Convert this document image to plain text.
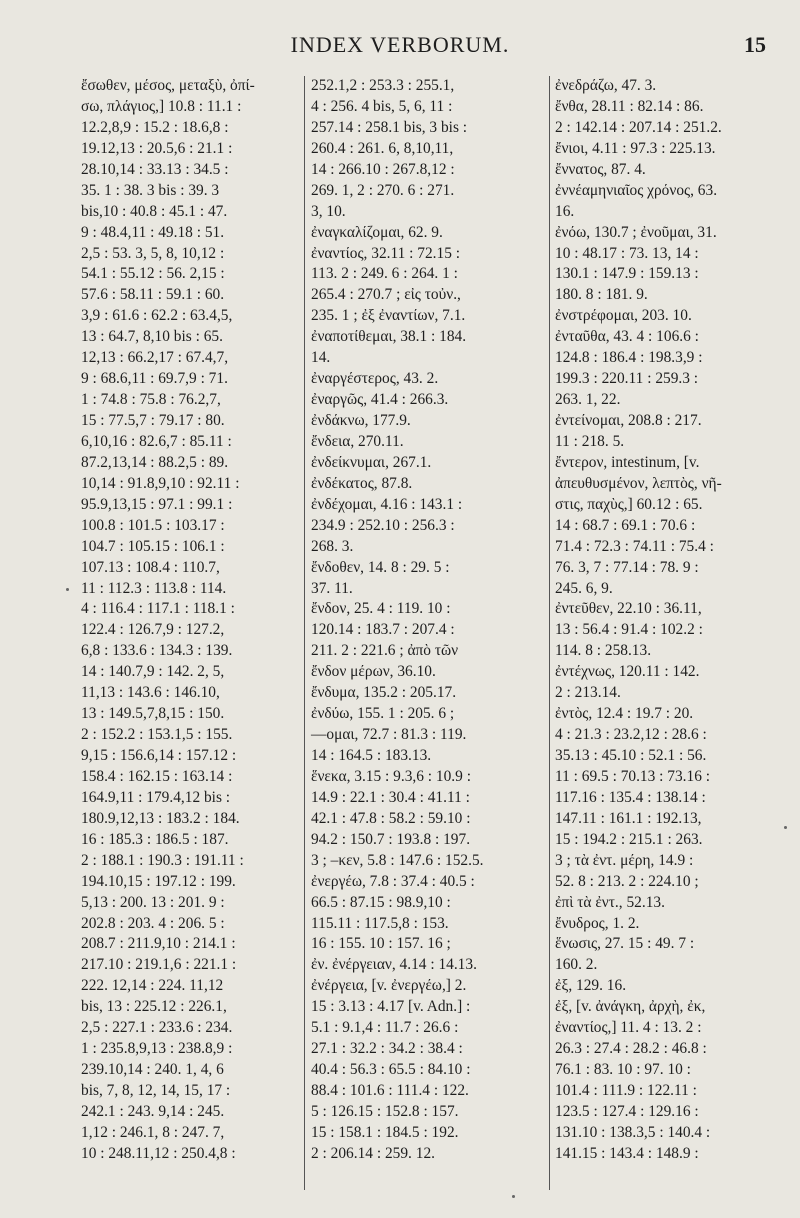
INDEX VERBORUM.	15
ἔσωθεν, μέσος, μεταξὺ, ὀπί-
σω, πλάγιος,] 10.8 : 11.1 :
12.2,8,9 : 15.2 : 18.6,8 :
19.12,13 : 20.5,6 : 21.1 :
28.10,14 : 33.13 : 34.5 :
35. 1 : 38. 3 bis : 39. 3
bis,10 : 40.8 : 45.1 : 47.
9 : 48.4,11 : 49.18 : 51.
2,5 : 53. 3, 5, 8, 10,12 :
54.1 : 55.12 : 56. 2,15 :
57.6 : 58.11 : 59.1 : 60.
3,9 : 61.6 : 62.2 : 63.4,5,
13 : 64.7, 8,10 bis : 65.
12,13 : 66.2,17 : 67.4,7,
9 : 68.6,11 : 69.7,9 : 71.
1 : 74.8 : 75.8 : 76.2,7,
15 : 77.5,7 : 79.17 : 80.
6,10,16 : 82.6,7 : 85.11 :
87.2,13,14 : 88.2,5 : 89.
10,14 : 91.8,9,10 : 92.11 :
95.9,13,15 : 97.1 : 99.1 :
100.8 : 101.5 : 103.17 :
104.7 : 105.15 : 106.1 :
107.13 : 108.4 : 110.7,
11 : 112.3 : 113.8 : 114.
4 : 116.4 : 117.1 : 118.1 :
122.4 : 126.7,9 : 127.2,
6,8 : 133.6 : 134.3 : 139.
14 : 140.7,9 : 142. 2, 5,
11,13 : 143.6 : 146.10,
13 : 149.5,7,8,15 : 150.
2 : 152.2 : 153.1,5 : 155.
9,15 : 156.6,14 : 157.12 :
158.4 : 162.15 : 163.14 :
164.9,11 : 179.4,12 bis :
180.9,12,13 : 183.2 : 184.
16 : 185.3 : 186.5 : 187.
2 : 188.1 : 190.3 : 191.11 :
194.10,15 : 197.12 : 199.
5,13 : 200. 13 : 201. 9 :
202.8 : 203. 4 : 206. 5 :
208.7 : 211.9,10 : 214.1 :
217.10 : 219.1,6 : 221.1 :
222. 12,14 : 224. 11,12
bis, 13 : 225.12 : 226.1,
2,5 : 227.1 : 233.6 : 234.
1 : 235.8,9,13 : 238.8,9 :
239.10,14 : 240. 1, 4, 6
bis, 7, 8, 12, 14, 15, 17 :
242.1 : 243. 9,14 : 245.
1,12 : 246.1, 8 : 247. 7,
10 : 248.11,12 : 250.4,8 :
252.1,2 : 253.3 : 255.1,
4 : 256. 4 bis, 5, 6, 11 :
257.14 : 258.1 bis, 3 bis :
260.4 : 261. 6, 8,10,11,
14 : 266.10 : 267.8,12 :
269. 1, 2 : 270. 6 : 271.
3, 10.
ἐναγκαλίζομαι, 62. 9.
ἐναντίος, 32.11 : 72.15 :
113. 2 : 249. 6 : 264. 1 :
265.4 : 270.7 ; εἰς τοὐν.,
235. 1 ; ἐξ ἐναντίων, 7.1.
ἐναποτίθεμαι, 38.1 : 184.
14.
ἐναργέστερος, 43. 2.
ἐναργῶς, 41.4 : 266.3.
ἐνδάκνω, 177.9.
ἔνδεια, 270.11.
ἐνδείκνυμαι, 267.1.
ἐνδέκατος, 87.8.
ἐνδέχομαι, 4.16 : 143.1 :
234.9 : 252.10 : 256.3 :
268. 3.
ἔνδοθεν, 14. 8 : 29. 5 :
37. 11.
ἔνδον, 25. 4 : 119. 10 :
120.14 : 183.7 : 207.4 :
211. 2 : 221.6 ; ἀπὸ τῶν
ἔνδον μέρων, 36.10.
ἔνδυμα, 135.2 : 205.17.
ἐνδύω, 155. 1 : 205. 6 ;
—ομαι, 72.7 : 81.3 : 119.
14 : 164.5 : 183.13.
ἕνεκα, 3.15 : 9.3,6 : 10.9 :
14.9 : 22.1 : 30.4 : 41.11 :
42.1 : 47.8 : 58.2 : 59.10 :
94.2 : 150.7 : 193.8 : 197.
3 ; –κεν, 5.8 : 147.6 : 152.5.
ἐνεργέω, 7.8 : 37.4 : 40.5 :
66.5 : 87.15 : 98.9,10 :
115.11 : 117.5,8 : 153.
16 : 155. 10 : 157. 16 ;
ἐν. ἐνέργειαν, 4.14 : 14.13.
ἐνέργεια, [v. ἐνεργέω,] 2.
15 : 3.13 : 4.17 [v. Adn.] :
5.1 : 9.1,4 : 11.7 : 26.6 :
27.1 : 32.2 : 34.2 : 38.4 :
40.4 : 56.3 : 65.5 : 84.10 :
88.4 : 101.6 : 111.4 : 122.
5 : 126.15 : 152.8 : 157.
15 : 158.1 : 184.5 : 192.
2 : 206.14 : 259. 12.
ἐνεδράζω, 47. 3.
ἔνθα, 28.11 : 82.14 : 86.
2 : 142.14 : 207.14 : 251.2.
ἔνιοι, 4.11 : 97.3 : 225.13.
ἔννατος, 87. 4.
ἐννέαμηνιαῖος χρόνος, 63.
16.
ἐνόω, 130.7 ; ἐνοῦμαι, 31.
10 : 48.17 : 73. 13, 14 :
130.1 : 147.9 : 159.13 :
180. 8 : 181. 9.
ἐνστρέφομαι, 203. 10.
ἐνταῦθα, 43. 4 : 106.6 :
124.8 : 186.4 : 198.3,9 :
199.3 : 220.11 : 259.3 :
263. 1, 22.
ἐντείνομαι, 208.8 : 217.
11 : 218. 5.
ἔντερον, intestinum, [v.
ἀπευθυσμένον, λεπτὸς, νῆ-
στις, παχὺς,] 60.12 : 65.
14 : 68.7 : 69.1 : 70.6 :
71.4 : 72.3 : 74.11 : 75.4 :
76. 3, 7 : 77.14 : 78. 9 :
245. 6, 9.
ἐντεῦθεν, 22.10 : 36.11,
13 : 56.4 : 91.4 : 102.2 :
114. 8 : 258.13.
ἐντέχνως, 120.11 : 142.
2 : 213.14.
ἐντὸς, 12.4 : 19.7 : 20.
4 : 21.3 : 23.2,12 : 28.6 :
35.13 : 45.10 : 52.1 : 56.
11 : 69.5 : 70.13 : 73.16 :
117.16 : 135.4 : 138.14 :
147.11 : 161.1 : 192.13,
15 : 194.2 : 215.1 : 263.
3 ; τὰ ἐντ. μέρη, 14.9 :
52. 8 : 213. 2 : 224.10 ;
ἐπὶ τὰ ἐντ., 52.13.
ἔνυδρος, 1. 2.
ἕνωσις, 27. 15 : 49. 7 :
160. 2.
ἐξ, 129. 16.
ἐξ, [v. ἀνάγκη, ἀρχὴ, ἐκ,
ἐναντίος,] 11. 4 : 13. 2 :
26.3 : 27.4 : 28.2 : 46.8 :
76.1 : 83. 10 : 97. 10 :
101.4 : 111.9 : 122.11 :
123.5 : 127.4 : 129.16 :
131.10 : 138.3,5 : 140.4 :
141.15 : 143.4 : 148.9 :
